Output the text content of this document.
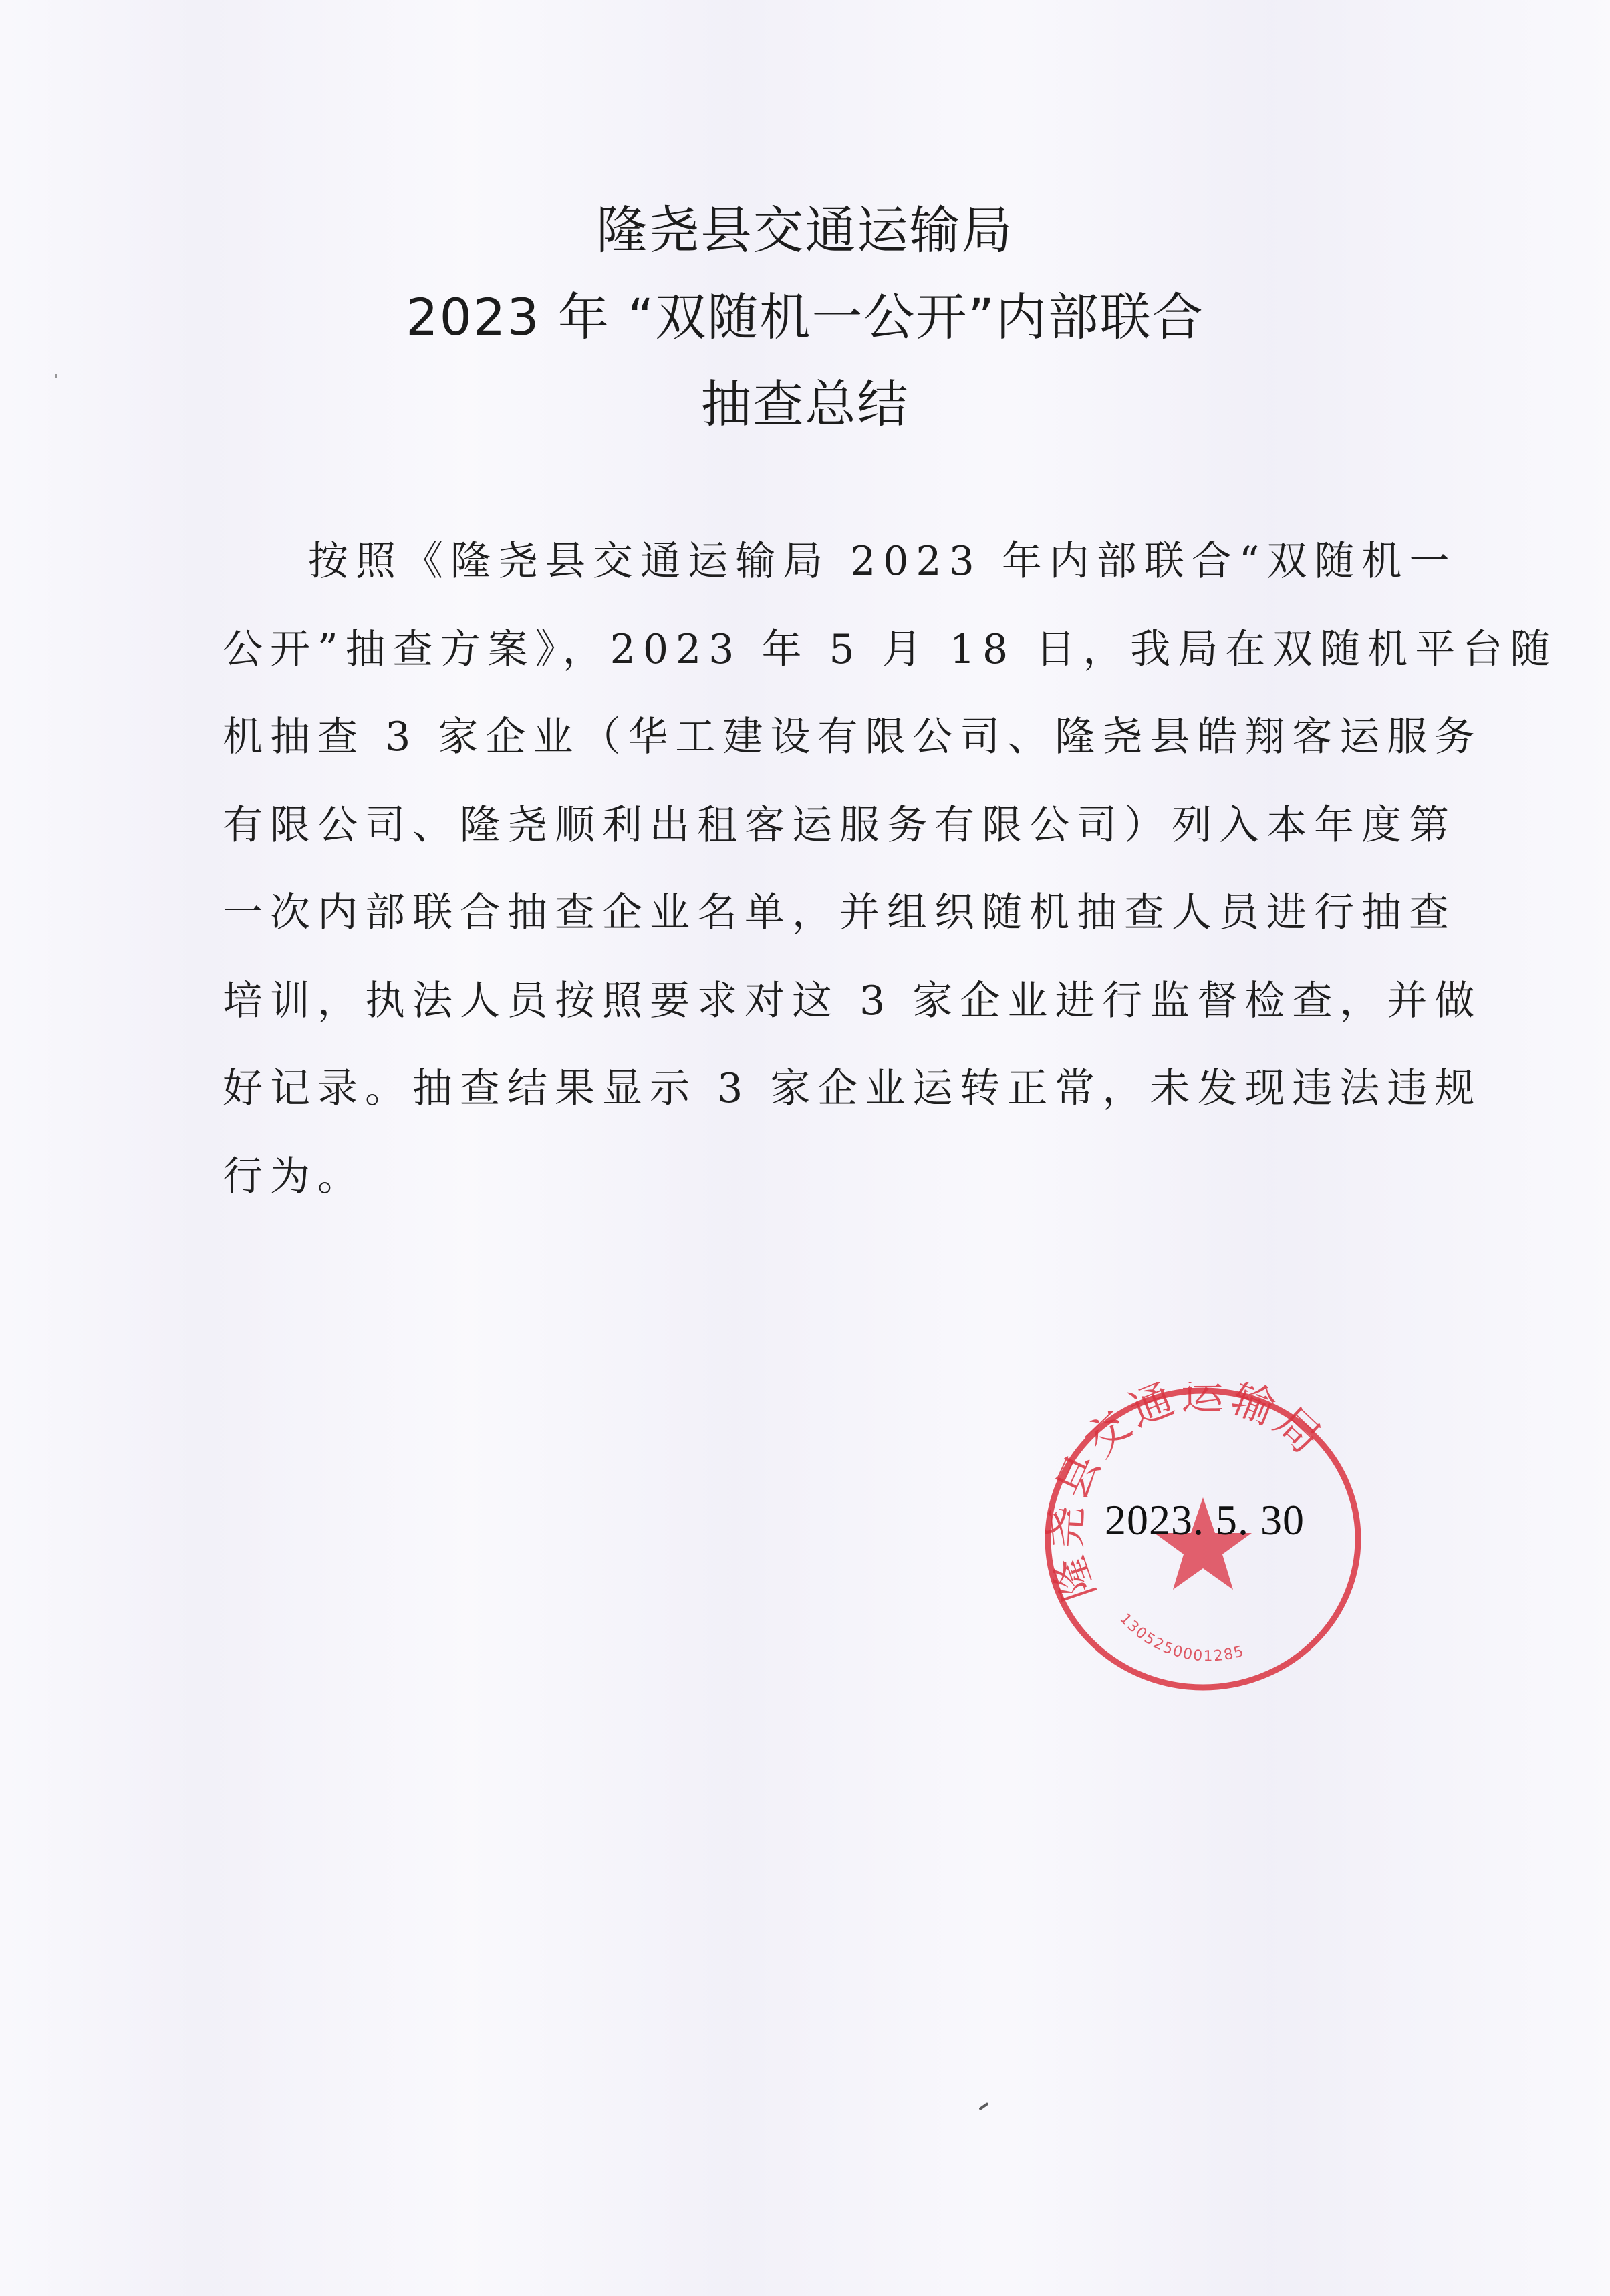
隆尧县交通运输局
2023 年 “双随机一公开”内部联合
抽查总结
按照《隆尧县交通运输局 2023 年内部联合“双随机一
公开”抽查方案》，2023 年 5 月 18 日，我局在双随机平台随
机抽查 3 家企业（华工建设有限公司、隆尧县皓翔客运服务
有限公司、隆尧顺利出租客运服务有限公司）列入本年度第
一次内部联合抽查企业名单，并组织随机抽查人员进行抽查
培训，执法人员按照要求对这 3 家企业进行监督检查，并做
好记录。抽查结果显示 3 家企业运转正常，未发现违法违规
行为。
隆尧县交通运输局
1305250001285
2023. 5. 30
